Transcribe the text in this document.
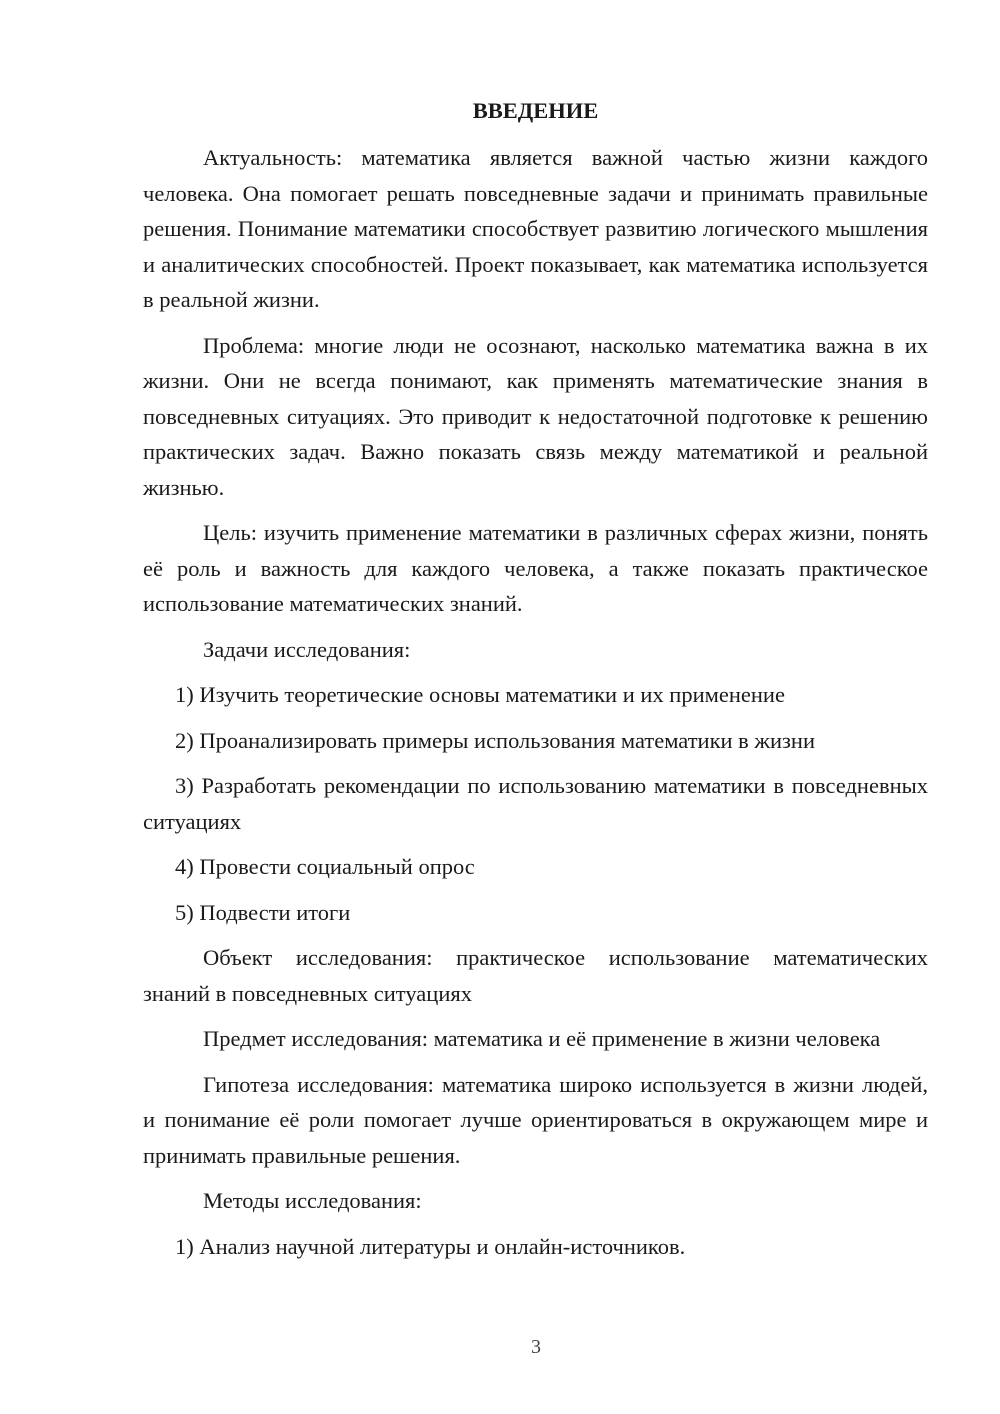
ВВЕДЕНИЕ

Актуальность: математика является важной частью жизни каждого человека. Она помогает решать повседневные задачи и принимать правильные решения. Понимание математики способствует развитию логического мышления и аналитических способностей. Проект показывает, как математика используется в реальной жизни.

Проблема: многие люди не осознают, насколько математика важна в их жизни. Они не всегда понимают, как применять математические знания в повседневных ситуациях. Это приводит к недостаточной подготовке к решению практических задач. Важно показать связь между математикой и реальной жизнью.

Цель: изучить применение математики в различных сферах жизни, понять её роль и важность для каждого человека, а также показать практическое использование математических знаний.

Задачи исследования:

1) Изучить теоретические основы математики и их применение

2) Проанализировать примеры использования математики в жизни

3) Разработать рекомендации по использованию математики в повседневных ситуациях

4) Провести социальный опрос

5) Подвести итоги

Объект исследования: практическое использование математических знаний в повседневных ситуациях

Предмет исследования: математика и её применение в жизни человека

Гипотеза исследования: математика широко используется в жизни людей, и понимание её роли помогает лучше ориентироваться в окружающем мире и принимать правильные решения.

Методы исследования:

1) Анализ научной литературы и онлайн-источников.

3
